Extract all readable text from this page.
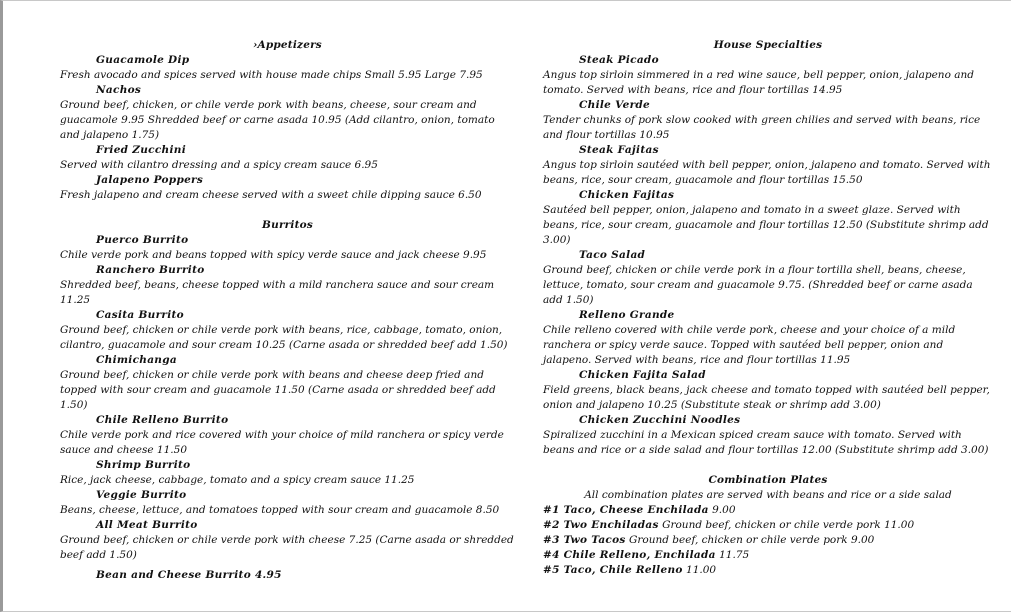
›Appetizers
Guacamole Dip
Fresh avocado and spices served with house made chips Small 5.95 Large 7.95
Nachos
Ground beef, chicken, or chile verde pork with beans, cheese, sour cream and guacamole 9.95 Shredded beef or carne asada 10.95 (Add cilantro, onion, tomato and jalapeno 1.75)
Fried Zucchini
Served with cilantro dressing and a spicy cream sauce 6.95
Jalapeno Poppers
Fresh jalapeno and cream cheese served with a sweet chile dipping sauce 6.50
Burritos
Puercο Burrito
Chile verde pork and beans topped with spicy verde sauce and jack cheese 9.95
Ranchero Burrito
Shredded beef, beans, cheese topped with a mild ranchera sauce and sour cream 11.25
Casita Burrito
Ground beef, chicken or chile verde pork with beans, rice, cabbage, tomato, onion, cilantro, guacamole and sour cream 10.25 (Carne asada or shredded beef add 1.50)
Chimichanga
Ground beef, chicken or chile verde pork with beans and cheese deep fried and topped with sour cream and guacamole 11.50 (Carne asada or shredded beef add 1.50)
Chile Relleno Burrito
Chile verde pork and rice covered with your choice of mild ranchera or spicy verde sauce and cheese 11.50
Shrimp Burrito
Rice, jack cheese, cabbage, tomato and a spicy cream sauce 11.25
Veggie Burrito
Beans, cheese, lettuce, and tomatoes topped with sour cream and guacamole 8.50
All Meat Burrito
Ground beef, chicken or chile verde pork with cheese 7.25 (Carne asada or shredded beef add 1.50)
Bean and Cheese Burrito 4.95
House Specialties
Steak Picado
Angus top sirloin simmered in a red wine sauce, bell pepper, onion, jalapeno and tomato. Served with beans, rice and flour tortillas 14.95
Chile Verde
Tender chunks of pork slow cooked with green chilies and served with beans, rice and flour tortillas 10.95
Steak Fajitas
Angus top sirloin sautéed with bell pepper, onion, jalapeno and tomato. Served with beans, rice, sour cream, guacamole and flour tortillas 15.50
Chicken Fajitas
Sautéed bell pepper, onion, jalapeno and tomato in a sweet glaze. Served with beans, rice, sour cream, guacamole and flour tortillas 12.50 (Substitute shrimp add 3.00)
Taco Salad
Ground beef, chicken or chile verde pork in a flour tortilla shell, beans, cheese, lettuce, tomato, sour cream and guacamole 9.75. (Shredded beef or carne asada add 1.50)
Relleno Grande
Chile relleno covered with chile verde pork, cheese and your choice of a mild ranchera or spicy verde sauce. Topped with sautéed bell pepper, onion and jalapeno. Served with beans, rice and flour tortillas 11.95
Chicken Fajita Salad
Field greens, black beans, jack cheese and tomato topped with sautéed bell pepper, onion and jalapeno 10.25 (Substitute steak or shrimp add 3.00)
Chicken Zucchini Noodles
Spiralized zucchini in a Mexican spiced cream sauce with tomato. Served with beans and rice or a side salad and flour tortillas 12.00 (Substitute shrimp add 3.00)
Combination Plates
All combination plates are served with beans and rice or a side salad
#1 Taco, Cheese Enchilada 9.00
#2 Two Enchiladas Ground beef, chicken or chile verde pork 11.00
#3 Two Tacos Ground beef, chicken or chile verde pork 9.00
#4 Chile Relleno, Enchilada 11.75
#5 Taco, Chile Relleno 11.00
